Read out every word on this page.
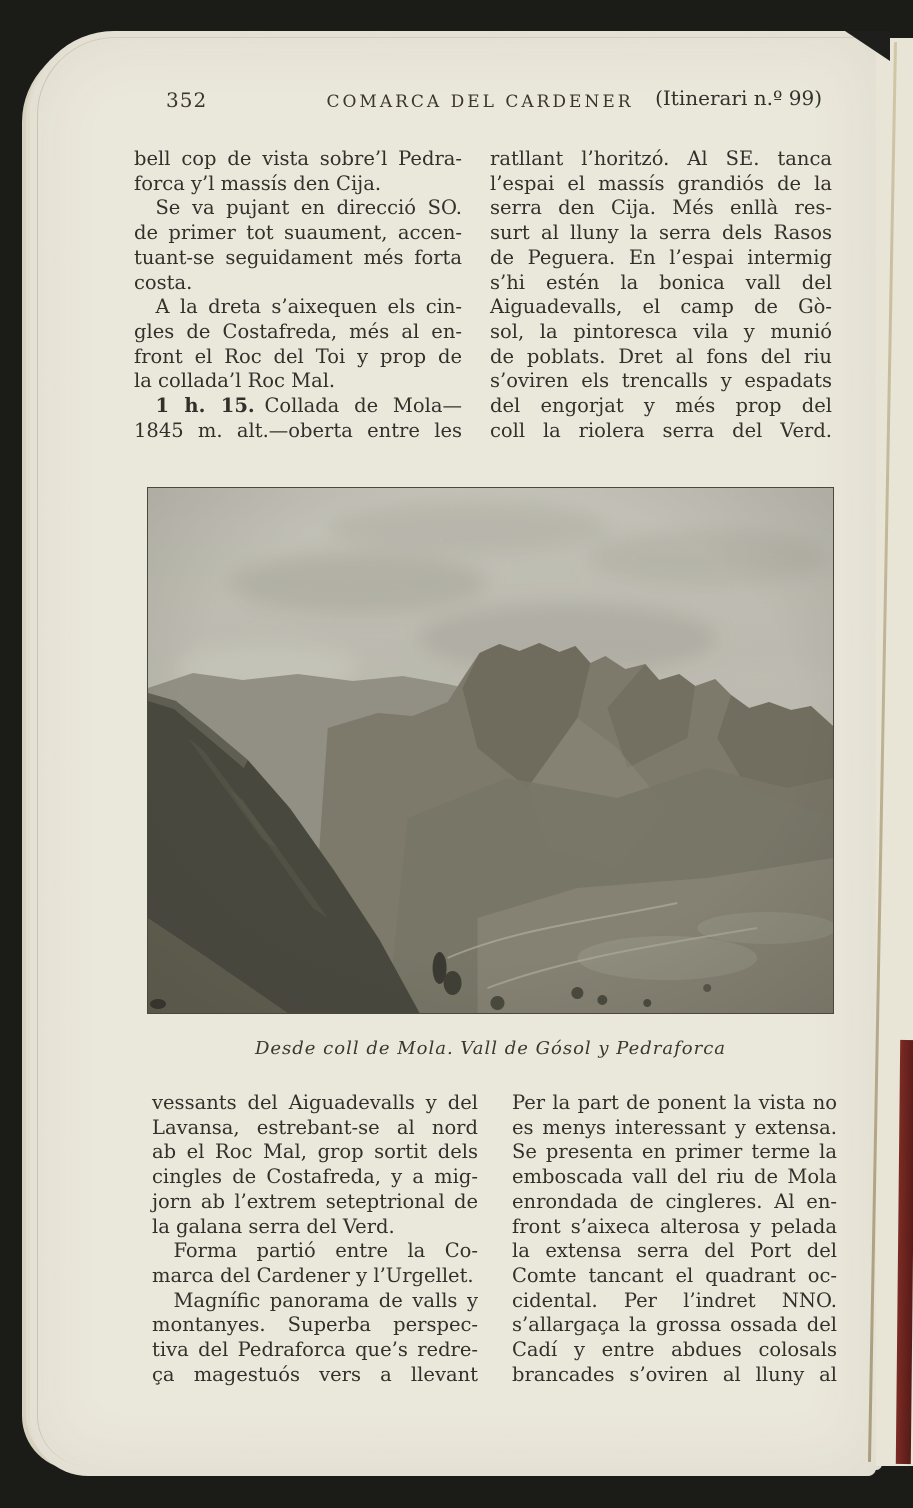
352	COMARCA DEL CARDENER	(Itinerari n.º 99)
bell cop de vista sobre’l Pedra-
forca y’l massís den Cija.
Se va pujant en direcció SO.
de primer tot suaument, accen-
tuant-se seguidament més forta
costa.
A la dreta s’aixequen els cin-
gles de Costafreda, més al en-
front el Roc del Toi y prop de
la collada’l Roc Mal.
1 h. 15. Collada de Mola—
1845 m. alt.—oberta entre les
ratllant l’horitzó. Al SE. tanca
l’espai el massís grandiós de la
serra den Cija. Més enllà res-
surt al lluny la serra dels Rasos
de Peguera. En l’espai intermig
s’hi estén la bonica vall del
Aiguadevalls, el camp de Gò-
sol, la pintoresca vila y munió
de poblats. Dret al fons del riu
s’oviren els trencalls y espadats
del engorjat y més prop del
coll la riolera serra del Verd.
Desde coll de Mola. Vall de Gósol y Pedraforca
vessants del Aiguadevalls y del
Lavansa, estrebant-se al nord
ab el Roc Mal, grop sortit dels
cingles de Costafreda, y a mig-
jorn ab l’extrem seteptrional de
la galana serra del Verd.
Forma partió entre la Co-
marca del Cardener y l’Urgellet.
Magnífic panorama de valls y
montanyes. Superba perspec-
tiva del Pedraforca que’s redre-
ça magestuós vers a llevant
Per la part de ponent la vista no
es menys interessant y extensa.
Se presenta en primer terme la
emboscada vall del riu de Mola
enrondada de cingleres. Al en-
front s’aixeca alterosa y pelada
la extensa serra del Port del
Comte tancant el quadrant oc-
cidental. Per l’indret NNO.
s’allargaça la grossa ossada del
Cadí y entre abdues colosals
brancades s’oviren al lluny al
